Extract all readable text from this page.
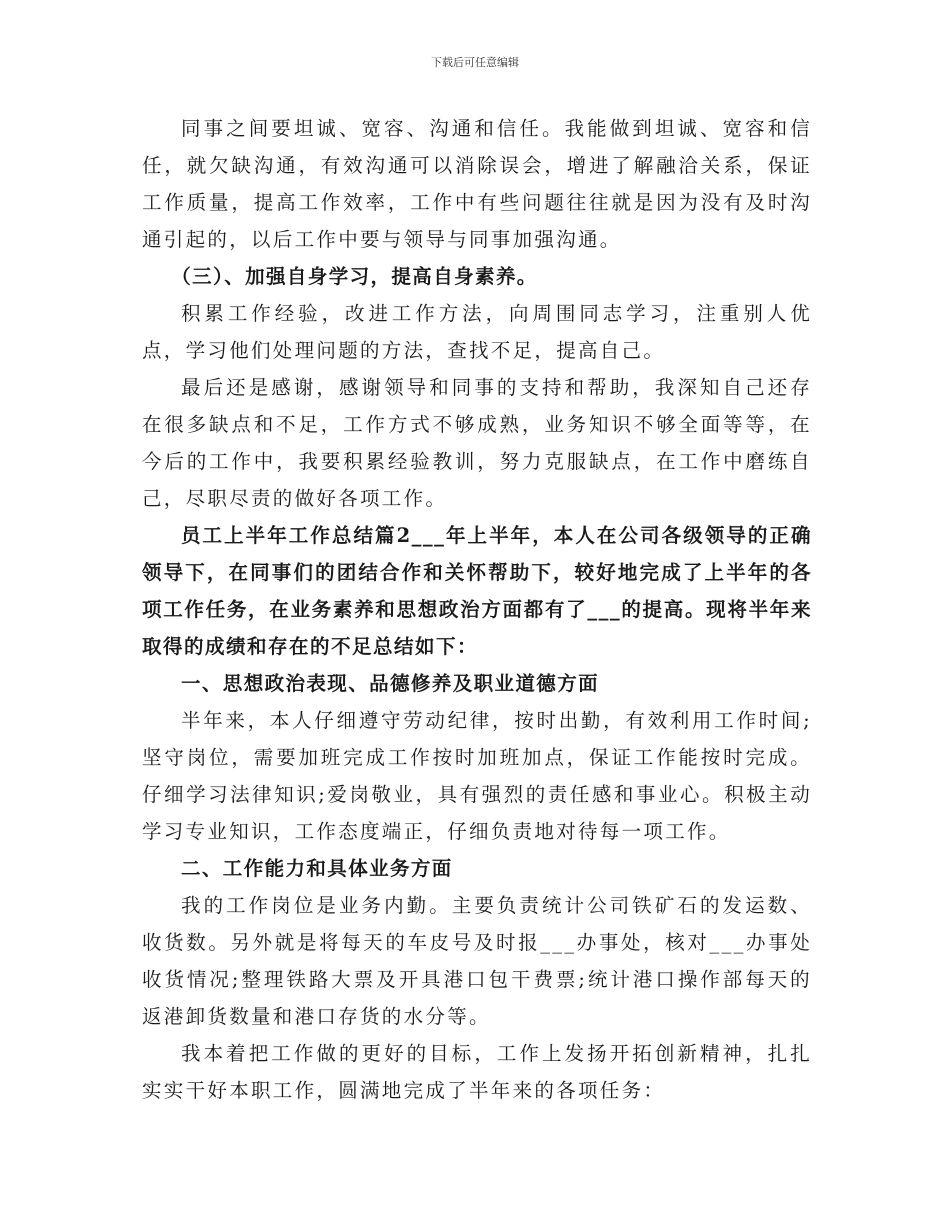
下载后可任意编辑

同事之间要坦诚、宽容、沟通和信任。我能做到坦诚、宽容和信任，就欠缺沟通，有效沟通可以消除误会，增进了解融洽关系，保证工作质量，提高工作效率，工作中有些问题往往就是因为没有及时沟通引起的，以后工作中要与领导与同事加强沟通。

（三）、加强自身学习，提高自身素养。

积累工作经验，改进工作方法，向周围同志学习，注重别人优点，学习他们处理问题的方法，查找不足，提高自己。

最后还是感谢，感谢领导和同事的支持和帮助，我深知自己还存在很多缺点和不足，工作方式不够成熟，业务知识不够全面等等，在今后的工作中，我要积累经验教训，努力克服缺点，在工作中磨练自己，尽职尽责的做好各项工作。

员工上半年工作总结篇2___年上半年，本人在公司各级领导的正确领导下，在同事们的团结合作和关怀帮助下，较好地完成了上半年的各项工作任务，在业务素养和思想政治方面都有了___的提高。现将半年来取得的成绩和存在的不足总结如下：

一、思想政治表现、品德修养及职业道德方面

半年来，本人仔细遵守劳动纪律，按时出勤，有效利用工作时间;坚守岗位，需要加班完成工作按时加班加点，保证工作能按时完成。仔细学习法律知识;爱岗敬业，具有强烈的责任感和事业心。积极主动学习专业知识，工作态度端正，仔细负责地对待每一项工作。

二、工作能力和具体业务方面

我的工作岗位是业务内勤。主要负责统计公司铁矿石的发运数、收货数。另外就是将每天的车皮号及时报___办事处，核对___办事处收货情况;整理铁路大票及开具港口包干费票;统计港口操作部每天的返港卸货数量和港口存货的水分等。

我本着把工作做的更好的目标，工作上发扬开拓创新精神，扎扎实实干好本职工作，圆满地完成了半年来的各项任务：
